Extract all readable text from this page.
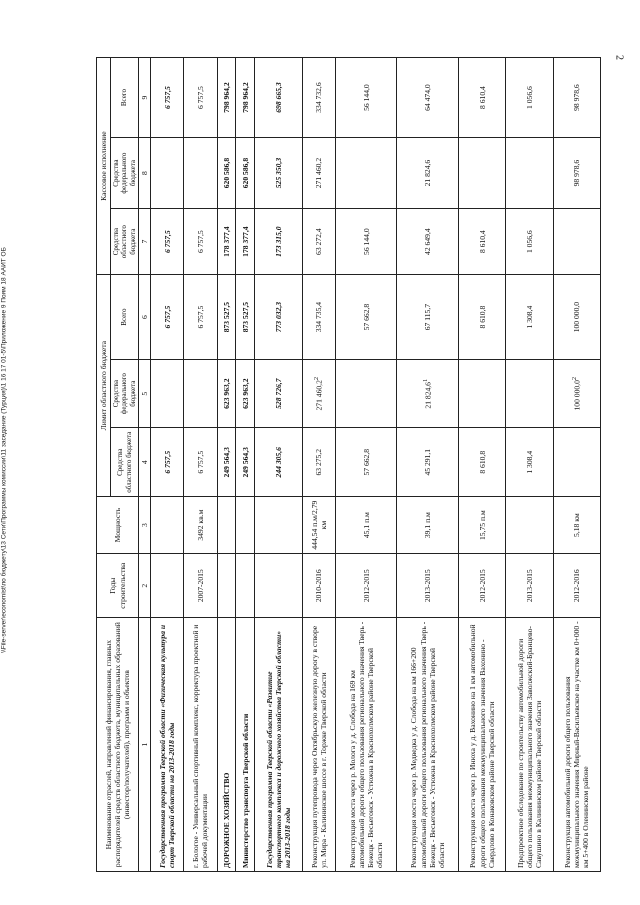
2
\\File-server\economist\по бюджету\13 Сети\Программы комиссии\11 заседание (Турция)\1 16 17 01-5\Приложение 9 Поям 18 ААИТ ОБ
Наименование отраслей, направлений финансирования, главных распорядителей средств областного бюджета, муниципальных образований (инвестор/получателей), программ и объектов	Годы строительства	Мощность	Лимит областного бюджета			Кассовое исполнение		
			Средства областного бюджета	Средства федерального бюджета	Всего	Средства областного бюджета	Средства федерального бюджета	Всего
1	2	3	4	5	6	7	8	9
Государственная программа Тверской области «Физическая культура и спорт Тверской области на 2013-2018 годы			6 757,5		6 757,5	6 757,5		6 757,5
г. Бологое - Универсальный спортивный комплекс, корректура проектной и рабочей документации	2007-2015	3492 кв.м	6 757,5		6 757,5	6 757,5		6 757,5
ДОРОЖНОЕ ХОЗЯЙСТВО			249 564,3	623 963,2	873 527,5	178 377,4	620 586,8	798 964,2
Министерство транспорта Тверской области			249 564,3	623 963,2	873 527,5	178 377,4	620 586,8	798 964,2
Государственная программа Тверской области «Развитие транспортного комплекса и дорожного хозяйства Тверской области» на 2013-2018 годы			244 305,6	528 726,7	773 032,3	173 315,0	525 350,3	698 665,3
Реконструкция путепровода через Октябрьскую железную дорогу в створе ул. Мира - Калининское шоссе в г. Торжке Тверской области	2010-2016	444,54 п.м/2,79 км	63 275,2	271 460,22	334 735,4	63 272,4	271 460,2	334 732,6
Реконструкция моста через р. Молога у д. Слобода на 169 км автомобильной дороги общего пользования регионального значения Тверь - Бежецк - Весьегонск - Устюжна в Краснохолмском районе Тверской области	2012-2015	45,1 п.м	57 662,8		57 662,8	56 144,0		56 144,0
Реконструкция моста через р. Медведка у д. Слобода на км 166+200 автомобильной дороги общего пользования регионального значения Тверь - Бежецк - Весьегонск - Устюжна в Краснохолмском районе Тверской области	2013-2015	39,1 п.м	45 291,1	21 824,61	67 115,7	42 649,4	21 824,6	64 474,0
Реконструкция моста через р. Инюха у д. Вахонино на 1 км автомобильной дороги общего пользования межмуниципального значения Вахонино - Свердлово в Конаковском районе Тверской области	2012-2015	15,75 п.м	8 610,8		8 610,8	8 610,4		8 610,4
Предпроектное обследование по строительству автомобильной дороги общего пользования межмуниципального значения Заволжский-Бранцево-Савушино в Калининском районе Тверской области	2013-2015		1 308,4		1 308,4	1 056,6		1 056,6
Реконструкция автомобильной дороги общего пользования межмуниципального значения Мирный-Васильевское на участке км 0+000 - км 5+400 в Оленинском районе	2012-2016	5,18 км		100 000,02	100 000,0		98 978,6	98 978,6
